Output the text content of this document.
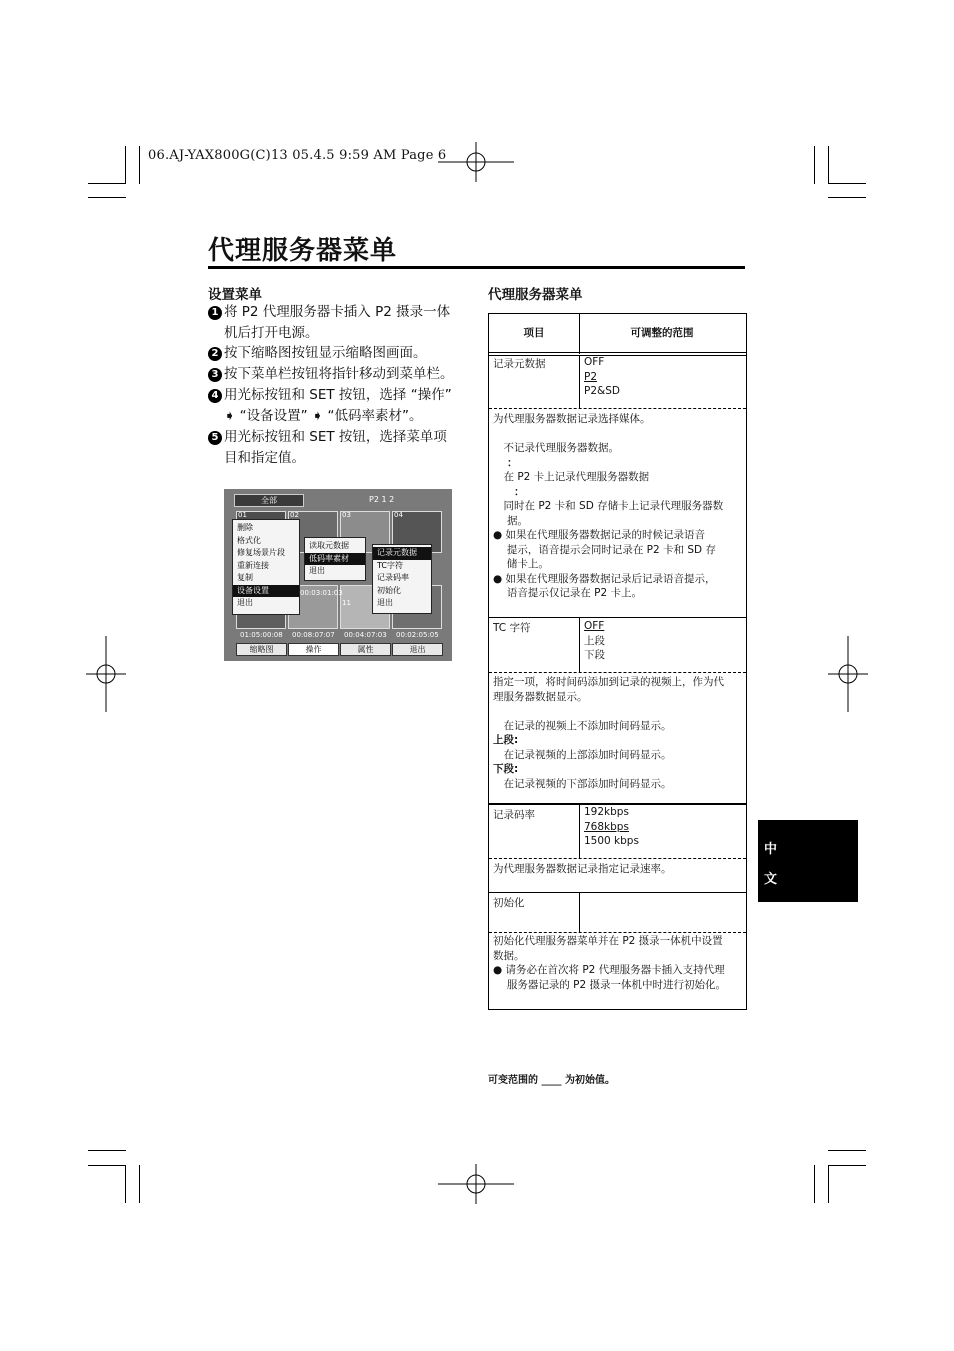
06.AJ-YAX800G(C)13 05.4.5 9:59 AM Page 6
代理服务器菜单
设置菜单
1 将 P2 代理服务器卡插入 P2 摄录一体
机后打开电源。
2 按下缩略图按钮显示缩略图画面。
3 按下菜单栏按钮将指针移动到菜单栏。
4 用光标按钮和 SET 按钮，选择 “操作”
➧ “设备设置” ➧ “低码率素材”。
5 用光标按钮和 SET 按钮，选择菜单项
目和指定值。
全部	P2 1 2
01	02	03	04
11
删除
格式化
修复场景片段
重新连接
复制
设备设置
退出
读取元数据
低码率素材
退出
记录元数据
TC字符
记录码率
初始化
退出
00:03:01:03
01:05:00:08 00:08:07:07 00:04:07:03 00:02:05:05
缩略图	操作	属性	退出
代理服务器菜单
项目	可调整的范围
记录元数据	OFF
P2
P2&SD
为代理服务器数据记录选择媒体。
　不记录代理服务器数据。
：
　在 P2 卡上记录代理服务器数据
　　：
　同时在 P2 卡和 SD 存储卡上记录代理服务器数
据。
● 如果在代理服务器数据记录的时候记录语音
　 提示，语音提示会同时记录在 P2 卡和 SD 存
　 储卡上。
● 如果在代理服务器数据记录后记录语音提示，
　 语音提示仅记录在 P2 卡上。
TC 字符	OFF
上段
下段
指定一项，将时间码添加到记录的视频上，作为代
理服务器数据显示。
　在记录的视频上不添加时间码显示。
上段:
　在记录视频的上部添加时间码显示。
下段:
　在记录视频的下部添加时间码显示。
记录码率	192kbps
768kbps
1500 kbps
为代理服务器数据记录指定记录速率。
初始化
初始化代理服务器菜单并在 P2 摄录一体机中设置
数据。
● 请务必在首次将 P2 代理服务器卡插入支持代理
　 服务器记录的 P2 摄录一体机中时进行初始化。
可变范围的 ____ 为初始值。
中
文
